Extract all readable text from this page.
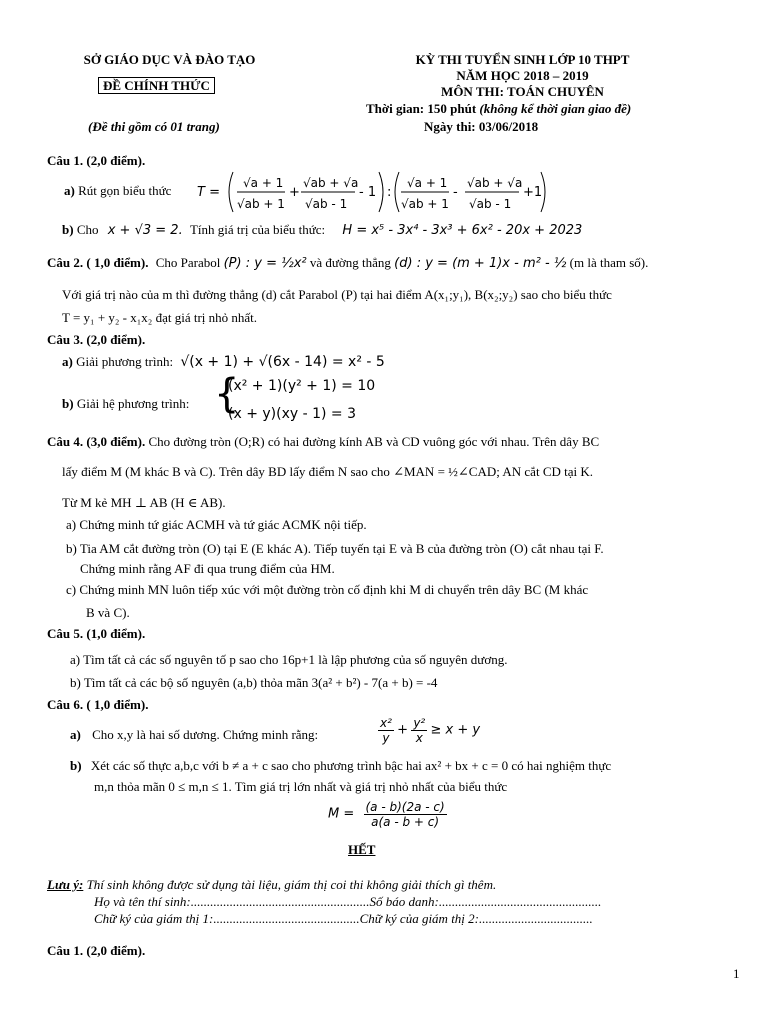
SỞ GIÁO DỤC VÀ ĐÀO TẠO
ĐỀ CHÍNH THỨC
(Đề thi gồm có 01 trang)
KỲ THI TUYỂN SINH LỚP 10 THPT
NĂM HỌC 2018 – 2019
MÔN THI: TOÁN CHUYÊN
Thời gian: 150 phút (không kể thời gian giao đề)
Ngày thi: 03/06/2018
Câu 1. (2,0 điểm).
a) Rút gọn biểu thức T =
√a + 1
√ab + 1
+
√ab + √a
√ab - 1
- 1 :
√a + 1
√ab + 1
-
√ab + √a
√ab - 1
+1
b) Cho x + √3 = 2. Tính giá trị của biểu thức: H = x⁵ - 3x⁴ - 3x³ + 6x² - 20x + 2023
Câu 2. ( 1,0 điểm). Cho Parabol (P) : y = ½x² và đường thẳng (d) : y = (m + 1)x - m² - ½ (m là tham số).
Với giá trị nào của m thì đường thẳng (d) cắt Parabol (P) tại hai điểm A(x₁;y₁), B(x₂;y₂) sao cho biểu thức
T = y₁ + y₂ - x₁x₂ đạt giá trị nhỏ nhất.
Câu 3. (2,0 điểm).
a) Giải phương trình: √(x + 1) + √(6x - 14) = x² - 5
b) Giải hệ phương trình: {
(x² + 1)(y² + 1) = 10
(x + y)(xy - 1) = 3
Câu 4. (3,0 điểm). Cho đường tròn (O;R) có hai đường kính AB và CD vuông góc với nhau. Trên dây BC
lấy điểm M (M khác B và C). Trên dây BD lấy điểm N sao cho ∠MAN = ½∠CAD; AN cắt CD tại K.
Từ M kẻ MH ⊥ AB (H ∈ AB).
a) Chứng minh tứ giác ACMH và tứ giác ACMK nội tiếp.
b) Tia AM cắt đường tròn (O) tại E (E khác A). Tiếp tuyến tại E và B của đường tròn (O) cắt nhau tại F.
Chứng minh rằng AF đi qua trung điểm của HM.
c) Chứng minh MN luôn tiếp xúc với một đường tròn cố định khi M di chuyển trên dây BC (M khác
B và C).
Câu 5. (1,0 điểm).
a) Tìm tất cả các số nguyên tố p sao cho 16p+1 là lập phương của số nguyên dương.
b) Tìm tất cả các bộ số nguyên (a,b) thỏa mãn 3(a² + b²) - 7(a + b) = -4
Câu 6. ( 1,0 điểm).
a) Cho x,y là hai số dương. Chứng minh rằng:	$\frac{\text{x²}}{y} + \frac{\text{y²}}{x} \ge x + y$
b) Xét các số thực a,b,c với b ≠ a + c sao cho phương trình bậc hai ax² + bx + c = 0 có hai nghiệm thực
m,n thỏa mãn 0 ≤ m,n ≤ 1. Tìm giá trị lớn nhất và giá trị nhỏ nhất của biểu thức
$M = \frac{(a - b)(2a - c)}{a(a - b + c)}$
HẾT
Lưu ý: Thí sinh không được sử dụng tài liệu, giám thị coi thi không giải thích gì thêm.
Họ và tên thí sinh:.......................................................Số báo danh:..................................................
Chữ ký của giám thị 1:.............................................Chữ ký của giám thị 2:...................................
Câu 1. (2,0 điểm).
1
